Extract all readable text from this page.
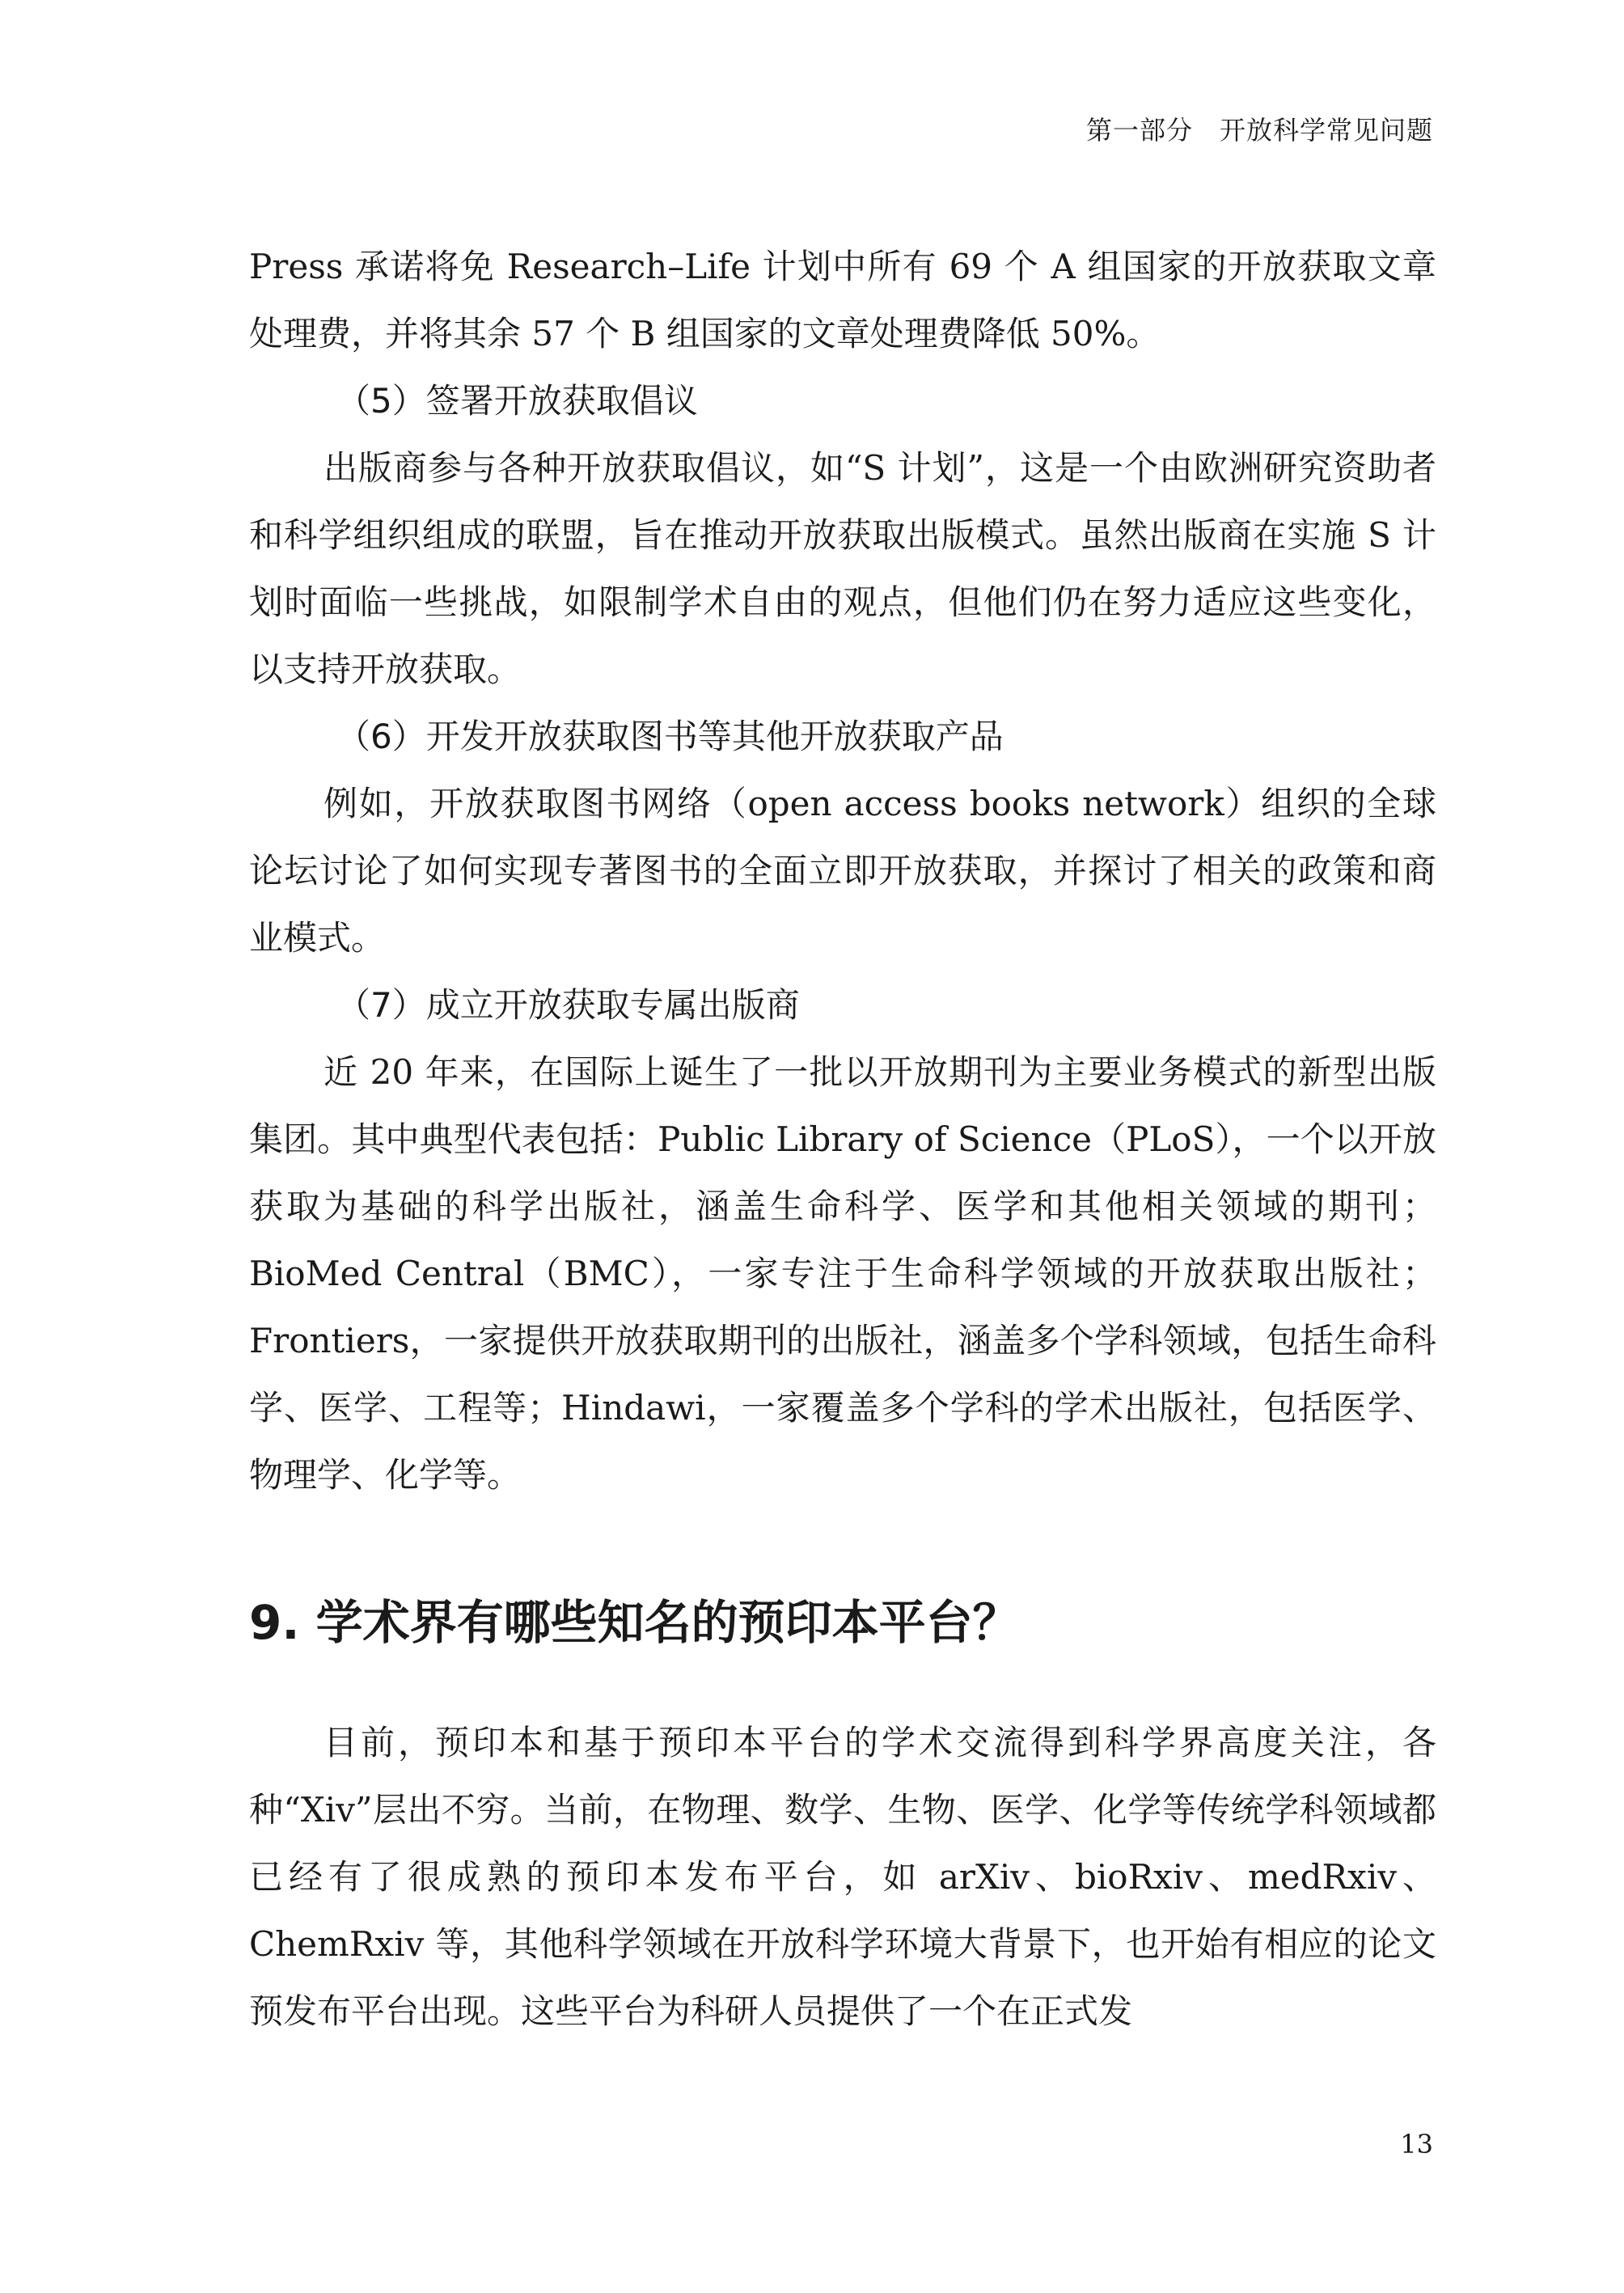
第一部分　开放科学常见问题

Press 承诺将免 Research–Life 计划中所有 69 个 A 组国家的开放获取文章处理费，并将其余 57 个 B 组国家的文章处理费降低 50%。

（5）签署开放获取倡议

出版商参与各种开放获取倡议，如“S 计划”，这是一个由欧洲研究资助者和科学组织组成的联盟，旨在推动开放获取出版模式。虽然出版商在实施 S 计划时面临一些挑战，如限制学术自由的观点，但他们仍在努力适应这些变化，以支持开放获取。

（6）开发开放获取图书等其他开放获取产品

例如，开放获取图书网络（open access books network）组织的全球论坛讨论了如何实现专著图书的全面立即开放获取，并探讨了相关的政策和商业模式。

（7）成立开放获取专属出版商

近 20 年来，在国际上诞生了一批以开放期刊为主要业务模式的新型出版集团。其中典型代表包括：Public Library of Science（PLoS），一个以开放获取为基础的科学出版社，涵盖生命科学、医学和其他相关领域的期刊；BioMed Central（BMC），一家专注于生命科学领域的开放获取出版社；Frontiers，一家提供开放获取期刊的出版社，涵盖多个学科领域，包括生命科学、医学、工程等；Hindawi，一家覆盖多个学科的学术出版社，包括医学、物理学、化学等。

9. 学术界有哪些知名的预印本平台？

目前，预印本和基于预印本平台的学术交流得到科学界高度关注，各种“Xiv”层出不穷。当前，在物理、数学、生物、医学、化学等传统学科领域都已经有了很成熟的预印本发布平台，如 arXiv、bioRxiv、medRxiv、ChemRxiv 等，其他科学领域在开放科学环境大背景下，也开始有相应的论文预发布平台出现。这些平台为科研人员提供了一个在正式发

13
